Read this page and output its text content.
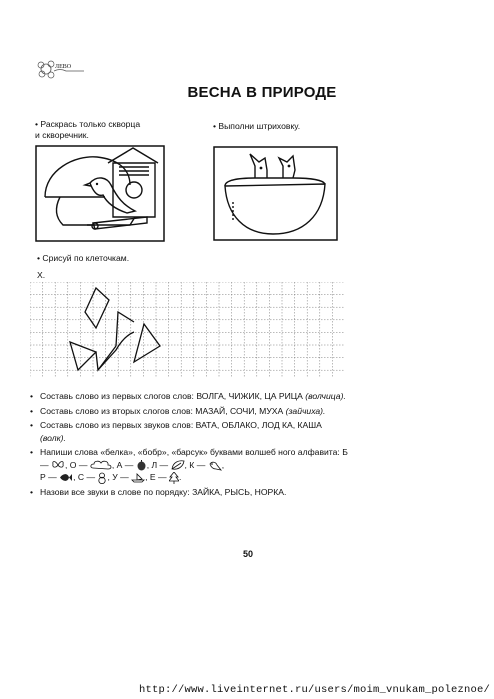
ЛЕВО
ВЕСНА В ПРИРОДЕ
• Раскрась только скворца
и скворечник.
• Выполни штриховку.
• Срисуй по клеточкам.
X.
• Составь слово из первых слогов слов: ВОЛГА, ЧИЖИК, ЦА РИЦА (волчица).
• Составь слово из вторых слогов слов: МАЗАЙ, СОЧИ, МУХА (зайчиха).
• Составь слово из первых звуков слов: ВАТА, ОБЛАКО, ЛОД КА, КАША (волк).
• Напиши слова «белка», «бобр», «барсук» буквами волшеб ного алфавита: Б — , О —	, А — , Л — , К — ,
Р — , С — , У — , Е — .
• Назови все звуки в слове по порядку: ЗАЙКА, РЫСЬ, НОРКА.
50
http://www.liveinternet.ru/users/moim_vnukam_poleznoe/
